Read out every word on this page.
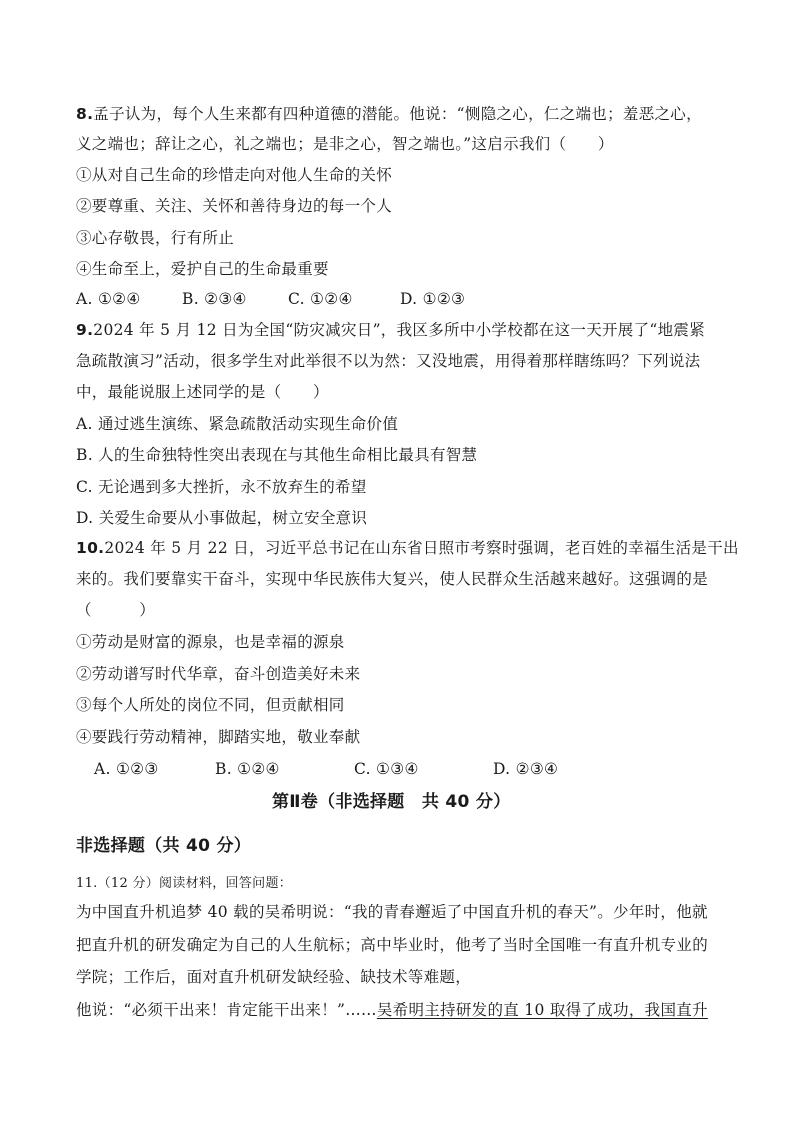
8.孟子认为，每个人生来都有四种道德的潜能。他说：“恻隐之心，仁之端也；羞恶之心，
义之端也；辞让之心，礼之端也；是非之心，智之端也。”这启示我们（　　）
①从对自己生命的珍惜走向对他人生命的关怀
②要尊重、关注、关怀和善待身边的每一个人
③心存敬畏，行有所止
④生命至上，爱护自己的生命最重要
A. ①②④	B. ②③④	C. ①②④	D. ①②③
9.2024 年 5 月 12 日为全国“防灾减灾日”，我区多所中小学校都在这一天开展了“地震紧
急疏散演习”活动，很多学生对此举很不以为然：又没地震，用得着那样瞎练吗？下列说法
中，最能说服上述同学的是（　　）
A. 通过逃生演练、紧急疏散活动实现生命价值
B. 人的生命独特性突出表现在与其他生命相比最具有智慧
C. 无论遇到多大挫折，永不放弃生的希望
D. 关爱生命要从小事做起，树立安全意识
10.2024 年 5 月 22 日，习近平总书记在山东省日照市考察时强调，老百姓的幸福生活是干出
来的。我们要靠实干奋斗，实现中华民族伟大复兴，使人民群众生活越来越好。这强调的是
（　　　）
①劳动是财富的源泉，也是幸福的源泉
②劳动谱写时代华章，奋斗创造美好未来
③每个人所处的岗位不同，但贡献相同
④要践行劳动精神，脚踏实地，敬业奉献
A. ①②③	B. ①②④	C. ①③④	D. ②③④
第Ⅱ卷（非选择题　共 40 分）
非选择题（共 40 分）
11.（12 分）阅读材料，回答问题：
为中国直升机追梦 40 载的吴希明说：“我的青春邂逅了中国直升机的春天”。少年时，他就
把直升机的研发确定为自己的人生航标；高中毕业时，他考了当时全国唯一有直升机专业的
学院；工作后，面对直升机研发缺经验、缺技术等难题，
他说：“必须干出来！肯定能干出来！”……吴希明主持研发的直 10 取得了成功，我国直升
